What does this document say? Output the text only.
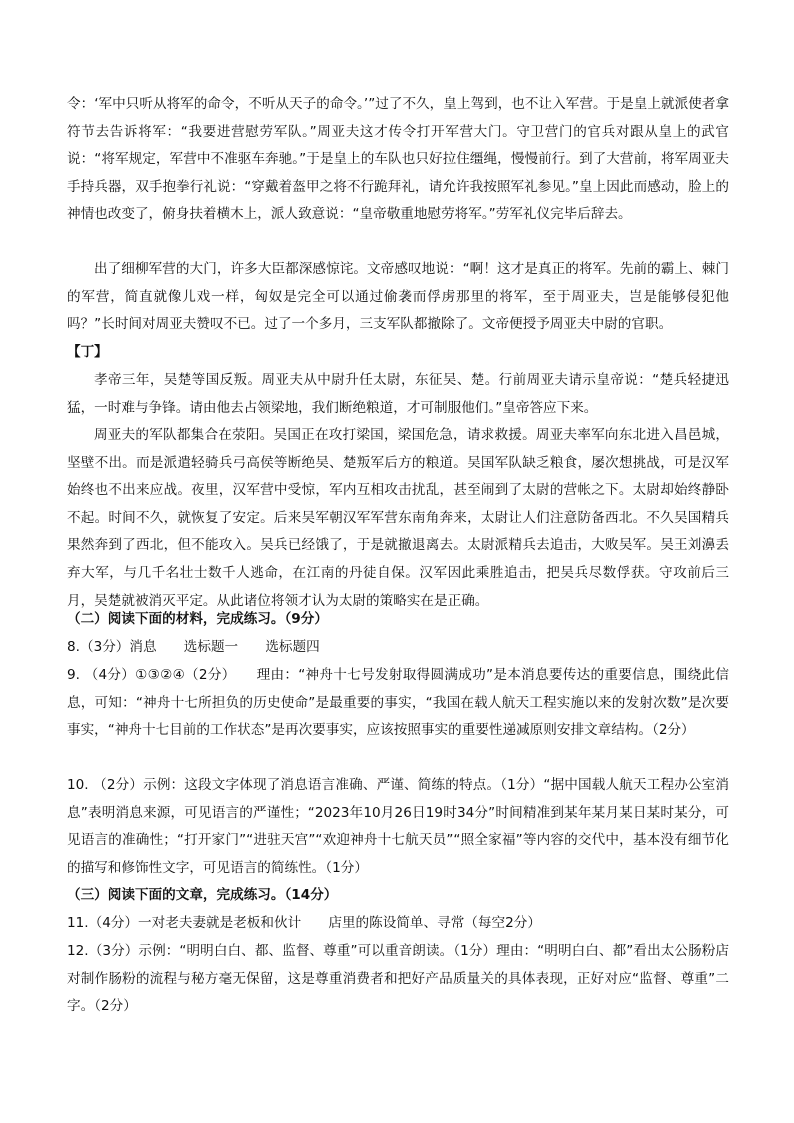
令：‘军中只听从将军的命令，不听从天子的命令。’”过了不久，皇上驾到，也不让入军营。于是皇上就派使者拿符节去告诉将军：“我要进营慰劳军队。”周亚夫这才传令打开军营大门。守卫营门的官兵对跟从皇上的武官说：“将军规定，军营中不准驱车奔驰。”于是皇上的车队也只好拉住缰绳，慢慢前行。到了大营前，将军周亚夫手持兵器，双手抱拳行礼说：“穿戴着盔甲之将不行跪拜礼，请允许我按照军礼参见。”皇上因此而感动，脸上的神情也改变了，俯身扶着横木上，派人致意说：“皇帝敬重地慰劳将军。”劳军礼仪完毕后辞去。

出了细柳军营的大门，许多大臣都深感惊诧。文帝感叹地说：“啊！这才是真正的将军。先前的霸上、棘门的军营，简直就像儿戏一样，匈奴是完全可以通过偷袭而俘虏那里的将军，至于周亚夫，岂是能够侵犯他吗？”长时间对周亚夫赞叹不已。过了一个多月，三支军队都撤除了。文帝便授予周亚夫中尉的官职。

【丁】

孝帝三年，吴楚等国反叛。周亚夫从中尉升任太尉，东征吴、楚。行前周亚夫请示皇帝说：“楚兵轻捷迅猛，一时难与争锋。请由他去占领梁地，我们断绝粮道，才可制服他们。”皇帝答应下来。

周亚夫的军队都集合在荥阳。吴国正在攻打梁国，梁国危急，请求救援。周亚夫率军向东北进入昌邑城，坚壁不出。而是派遣轻骑兵弓高侯等断绝吴、楚叛军后方的粮道。吴国军队缺乏粮食，屡次想挑战，可是汉军始终也不出来应战。夜里，汉军营中受惊，军内互相攻击扰乱，甚至闹到了太尉的营帐之下。太尉却始终静卧不起。时间不久，就恢复了安定。后来吴军朝汉军军营东南角奔来，太尉让人们注意防备西北。不久吴国精兵果然奔到了西北，但不能攻入。吴兵已经饿了，于是就撤退离去。太尉派精兵去追击，大败吴军。吴王刘濞丢弃大军，与几千名壮士数千人逃命，在江南的丹徒自保。汉军因此乘胜追击，把吴兵尽数俘获。守攻前后三月，吴楚就被消灭平定。从此诸位将领才认为太尉的策略实在是正确。

（二）阅读下面的材料，完成练习。（9分）

8.（3分）消息　　选标题一　　选标题四

9. （4分）①③②④（2分）　　理由：“神舟十七号发射取得圆满成功”是本消息要传达的重要信息，围绕此信息，可知：“神舟十七所担负的历史使命”是最重要的事实，“我国在载人航天工程实施以来的发射次数”是次要事实，“神舟十七目前的工作状态”是再次要事实，应该按照事实的重要性递减原则安排文章结构。（2分）

10. （2分）示例：这段文字体现了消息语言准确、严谨、简练的特点。（1分）“据中国载人航天工程办公室消息”表明消息来源，可见语言的严谨性；“2023年10月26日19时34分”时间精准到某年某月某日某时某分，可见语言的准确性；“打开家门”“进驻天宫”“欢迎神舟十七航天员”“照全家福”等内容的交代中，基本没有细节化的描写和修饰性文字，可见语言的简练性。（1分）

（三）阅读下面的文章，完成练习。（14分）

11.（4分）一对老夫妻就是老板和伙计　　店里的陈设简单、寻常（每空2分）

12.（3分）示例：“明明白白、都、监督、尊重”可以重音朗读。（1分）理由：“明明白白、都”看出太公肠粉店对制作肠粉的流程与秘方毫无保留，这是尊重消费者和把好产品质量关的具体表现，正好对应“监督、尊重”二字。（2分）
